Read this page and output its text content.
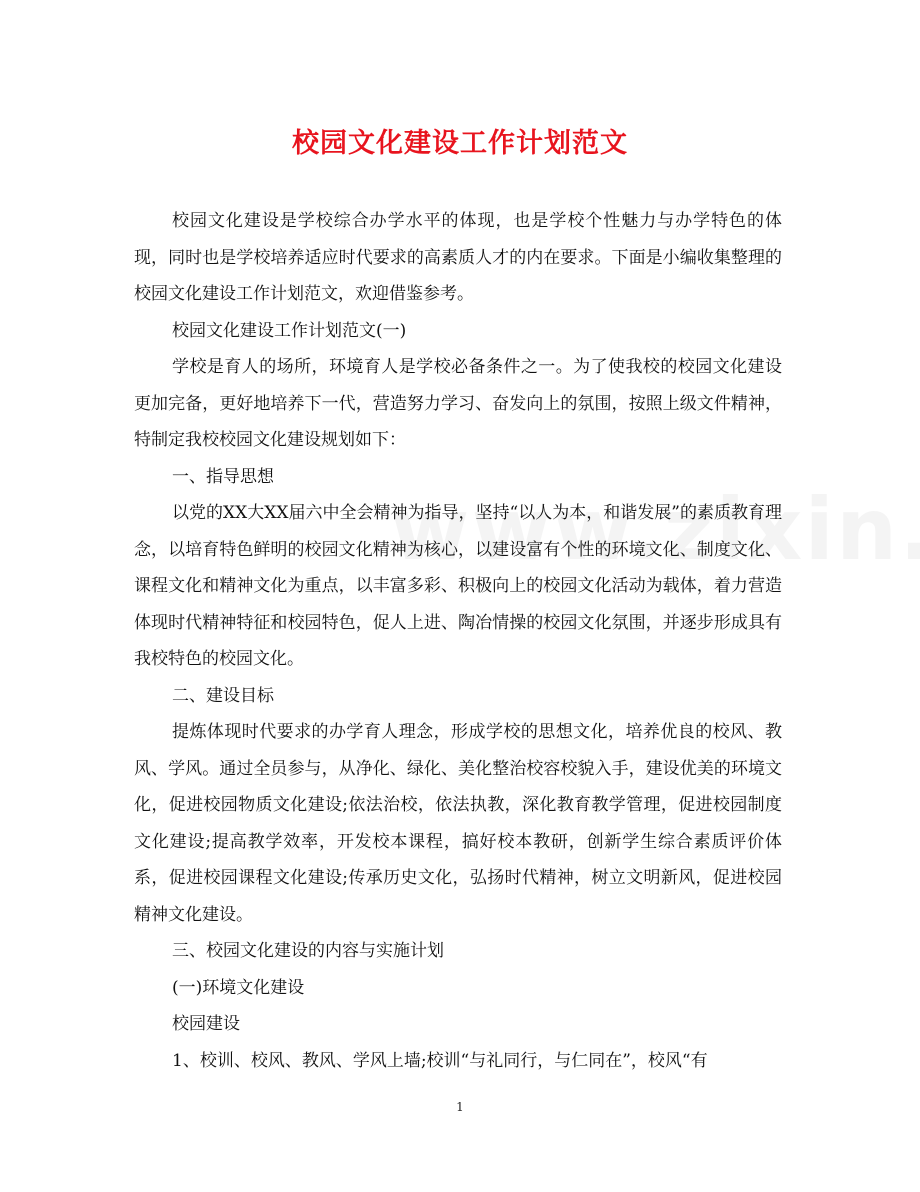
校园文化建设工作计划范文

校园文化建设是学校综合办学水平的体现，也是学校个性魅力与办学特色的体现，同时也是学校培养适应时代要求的高素质人才的内在要求。下面是小编收集整理的校园文化建设工作计划范文，欢迎借鉴参考。

校园文化建设工作计划范文(一)

学校是育人的场所，环境育人是学校必备条件之一。为了使我校的校园文化建设更加完备，更好地培养下一代，营造努力学习、奋发向上的氛围，按照上级文件精神，特制定我校校园文化建设规划如下：

一、指导思想

以党的XX大XX届六中全会精神为指导，坚持“以人为本，和谐发展”的素质教育理念，以培育特色鲜明的校园文化精神为核心，以建设富有个性的环境文化、制度文化、课程文化和精神文化为重点，以丰富多彩、积极向上的校园文化活动为载体，着力营造体现时代精神特征和校园特色，促人上进、陶冶情操的校园文化氛围，并逐步形成具有我校特色的校园文化。

二、建设目标

提炼体现时代要求的办学育人理念，形成学校的思想文化，培养优良的校风、教风、学风。通过全员参与，从净化、绿化、美化整治校容校貌入手，建设优美的环境文化，促进校园物质文化建设;依法治校，依法执教，深化教育教学管理，促进校园制度文化建设;提高教学效率，开发校本课程，搞好校本教研，创新学生综合素质评价体系，促进校园课程文化建设;传承历史文化，弘扬时代精神，树立文明新风，促进校园精神文化建设。

三、校园文化建设的内容与实施计划

(一)环境文化建设

校园建设

1、校训、校风、教风、学风上墙;校训“与礼同行，与仁同在”，校风“有

1
